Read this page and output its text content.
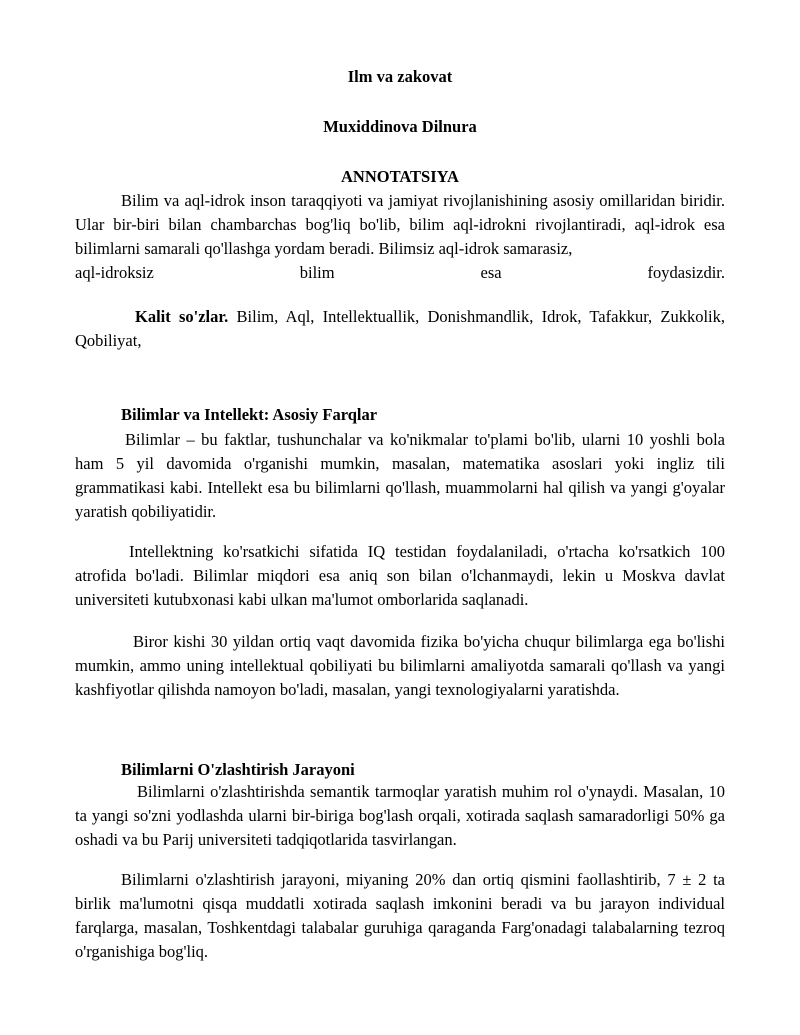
Ilm va zakovat

Muxiddinova Dilnura

ANNOTATSIYA

Bilim va aql-idrok inson taraqqiyoti va jamiyat rivojlanishining asosiy omillaridan biridir. Ular bir-biri bilan chambarchas bog'liq bo'lib, bilim aql-idrokni rivojlantiradi, aql-idrok esa bilimlarni samarali qo'llashga yordam beradi. Bilimsiz aql-idrok samarasiz,

aql-idroksiz bilim esa foydasizdir.

Kalit so'zlar. Bilim, Aql, Intellektuallik, Donishmandlik, Idrok, Tafakkur, Zukkolik, Qobiliyat,

Bilimlar va Intellekt: Asosiy Farqlar

Bilimlar – bu faktlar, tushunchalar va ko'nikmalar to'plami bo'lib, ularni 10 yoshli bola ham 5 yil davomida o'rganishi mumkin, masalan, matematika asoslari yoki ingliz tili grammatikasi kabi. Intellekt esa bu bilimlarni qo'llash, muammolarni hal qilish va yangi g'oyalar yaratish qobiliyatidir.

Intellektning ko'rsatkichi sifatida IQ testidan foydalaniladi, o'rtacha ko'rsatkich 100 atrofida bo'ladi. Bilimlar miqdori esa aniq son bilan o'lchanmaydi, lekin u Moskva davlat universiteti kutubxonasi kabi ulkan ma'lumot omborlarida saqlanadi.

Biror kishi 30 yildan ortiq vaqt davomida fizika bo'yicha chuqur bilimlarga ega bo'lishi mumkin, ammo uning intellektual qobiliyati bu bilimlarni amaliyotda samarali qo'llash va yangi kashfiyotlar qilishda namoyon bo'ladi, masalan, yangi texnologiyalarni yaratishda.

Bilimlarni O'zlashtirish Jarayoni

Bilimlarni o'zlashtirishda semantik tarmoqlar yaratish muhim rol o'ynaydi. Masalan, 10 ta yangi so'zni yodlashda ularni bir-biriga bog'lash orqali, xotirada saqlash samaradorligi 50% ga oshadi va bu Parij universiteti tadqiqotlarida tasvirlangan.

Bilimlarni o'zlashtirish jarayoni, miyaning 20% dan ortiq qismini faollashtirib, 7 ± 2 ta birlik ma'lumotni qisqa muddatli xotirada saqlash imkonini beradi va bu jarayon individual farqlarga, masalan, Toshkentdagi talabalar guruhiga qaraganda Farg'onadagi talabalarning tezroq o'rganishiga bog'liq.
